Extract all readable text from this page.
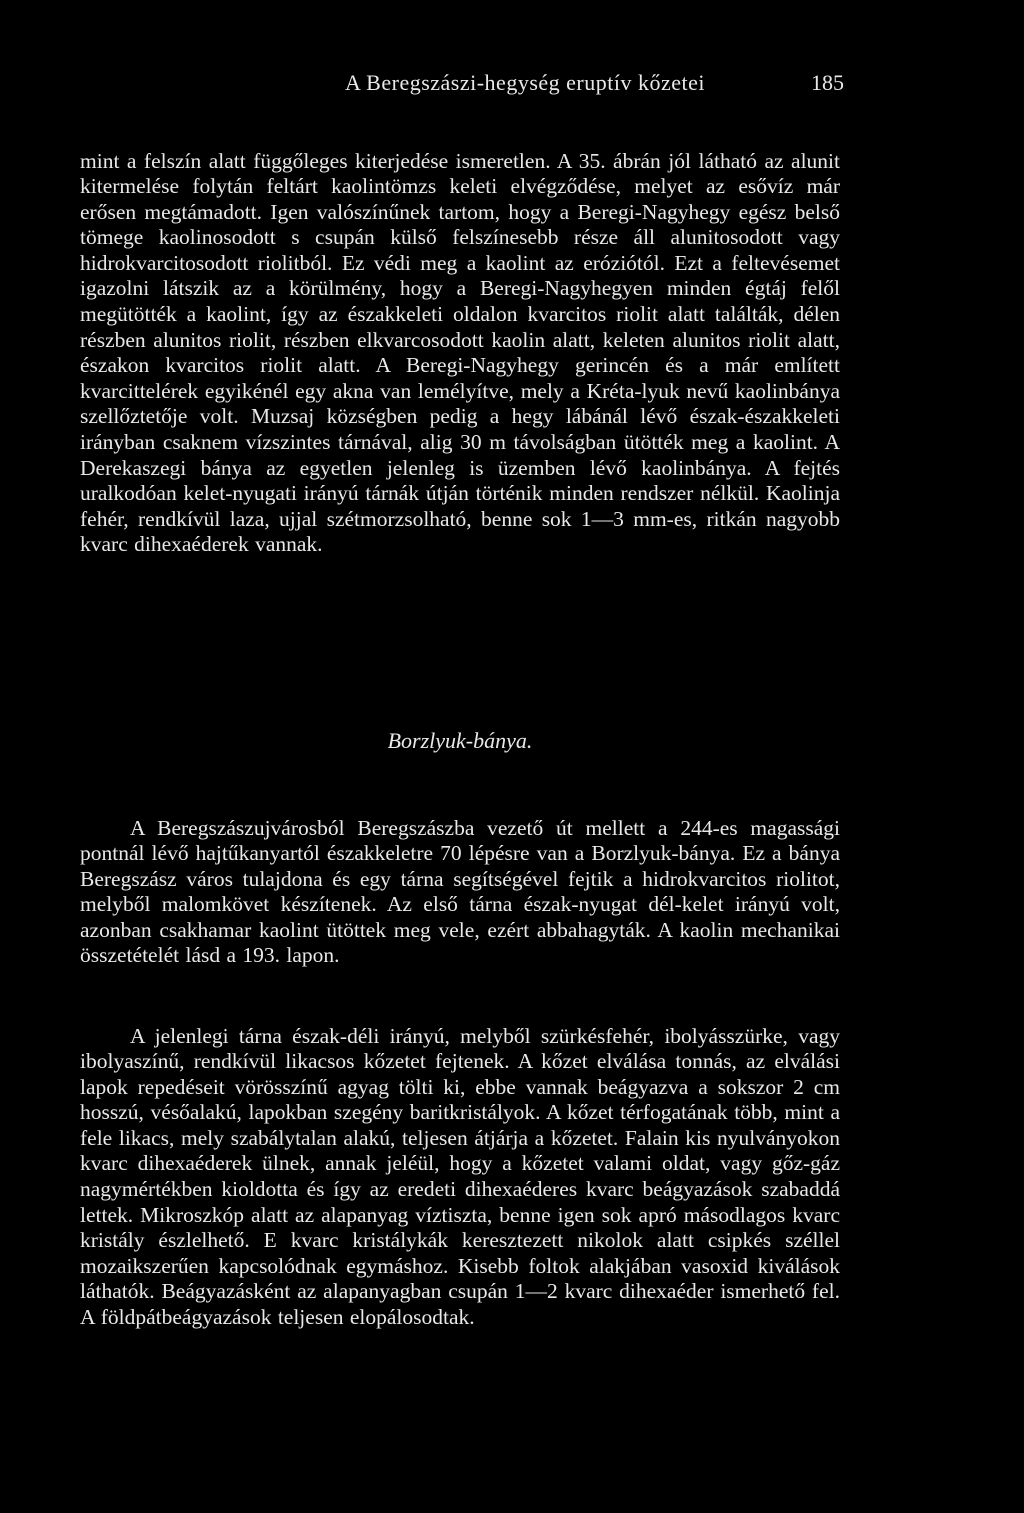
A Beregszászi-hegység eruptív kőzetei	185

mint a felszín alatt függőleges kiterjedése ismeretlen. A 35. ábrán jól látható az alunit kitermelése folytán feltárt kaolintömzs keleti elvégződése, melyet az esővíz már erősen megtámadott. Igen valószínűnek tartom, hogy a Beregi-Nagyhegy egész belső tömege kaolinosodott s csupán külső felszínesebb része áll alunitosodott vagy hidrokvarcitosodott riolitból. Ez védi meg a kaolint az eróziótól. Ezt a feltevésemet igazolni látszik az a körülmény, hogy a Beregi-Nagyhegyen minden égtáj felől megütötték a kaolint, így az északkeleti oldalon kvarcitos riolit alatt találták, délen részben alunitos riolit, részben elkvarcosodott kaolin alatt, keleten alunitos riolit alatt, északon kvarcitos riolit alatt. A Beregi-Nagyhegy gerincén és a már említett kvarcittelérek egyikénél egy akna van lemélyítve, mely a Kréta-lyuk nevű kaolinbánya szellőztetője volt. Muzsaj községben pedig a hegy lábánál lévő észak-északkeleti irányban csaknem vízszintes tárnával, alig 30 m távolságban ütötték meg a kaolint. A Derekaszegi bánya az egyetlen jelenleg is üzemben lévő kaolinbánya. A fejtés uralkodóan kelet-nyugati irányú tárnák útján történik minden rendszer nélkül. Kaolinja fehér, rendkívül laza, ujjal szétmorzsolható, benne sok 1—3 mm-es, ritkán nagyobb kvarc dihexaéderek vannak.

Borzlyuk-bánya.

A Beregszászujvárosból Beregszászba vezető út mellett a 244-es magassági pontnál lévő hajtűkanyartól északkeletre 70 lépésre van a Borzlyuk-bánya. Ez a bánya Beregszász város tulajdona és egy tárna segítségével fejtik a hidrokvarcitos riolitot, melyből malomkövet készítenek. Az első tárna észak-nyugat dél-kelet irányú volt, azonban csakhamar kaolint ütöttek meg vele, ezért abbahagyták. A kaolin mechanikai összetételét lásd a 193. lapon.

A jelenlegi tárna észak-déli irányú, melyből szürkésfehér, ibolyásszürke, vagy ibolyaszínű, rendkívül likacsos kőzetet fejtenek. A kőzet elválása tonnás, az elválási lapok repedéseit vörösszínű agyag tölti ki, ebbe vannak beágyazva a sokszor 2 cm hosszú, vésőalakú, lapokban szegény baritkristályok. A kőzet térfogatának több, mint a fele likacs, mely szabálytalan alakú, teljesen átjárja a kőzetet. Falain kis nyulványokon kvarc dihexaéderek ülnek, annak jeléül, hogy a kőzetet valami oldat, vagy gőz-gáz nagymértékben kioldotta és így az eredeti dihexaéderes kvarc beágyazások szabaddá lettek. Mikroszkóp alatt az alapanyag víztiszta, benne igen sok apró másodlagos kvarc kristály észlelhető. E kvarc kristálykák keresztezett nikolok alatt csipkés széllel mozaikszerűen kapcsolódnak egymáshoz. Kisebb foltok alakjában vasoxid kiválások láthatók. Beágyazásként az alapanyagban csupán 1—2 kvarc dihexaéder ismerhető fel. A földpátbeágyazások teljesen elopálosodtak.
